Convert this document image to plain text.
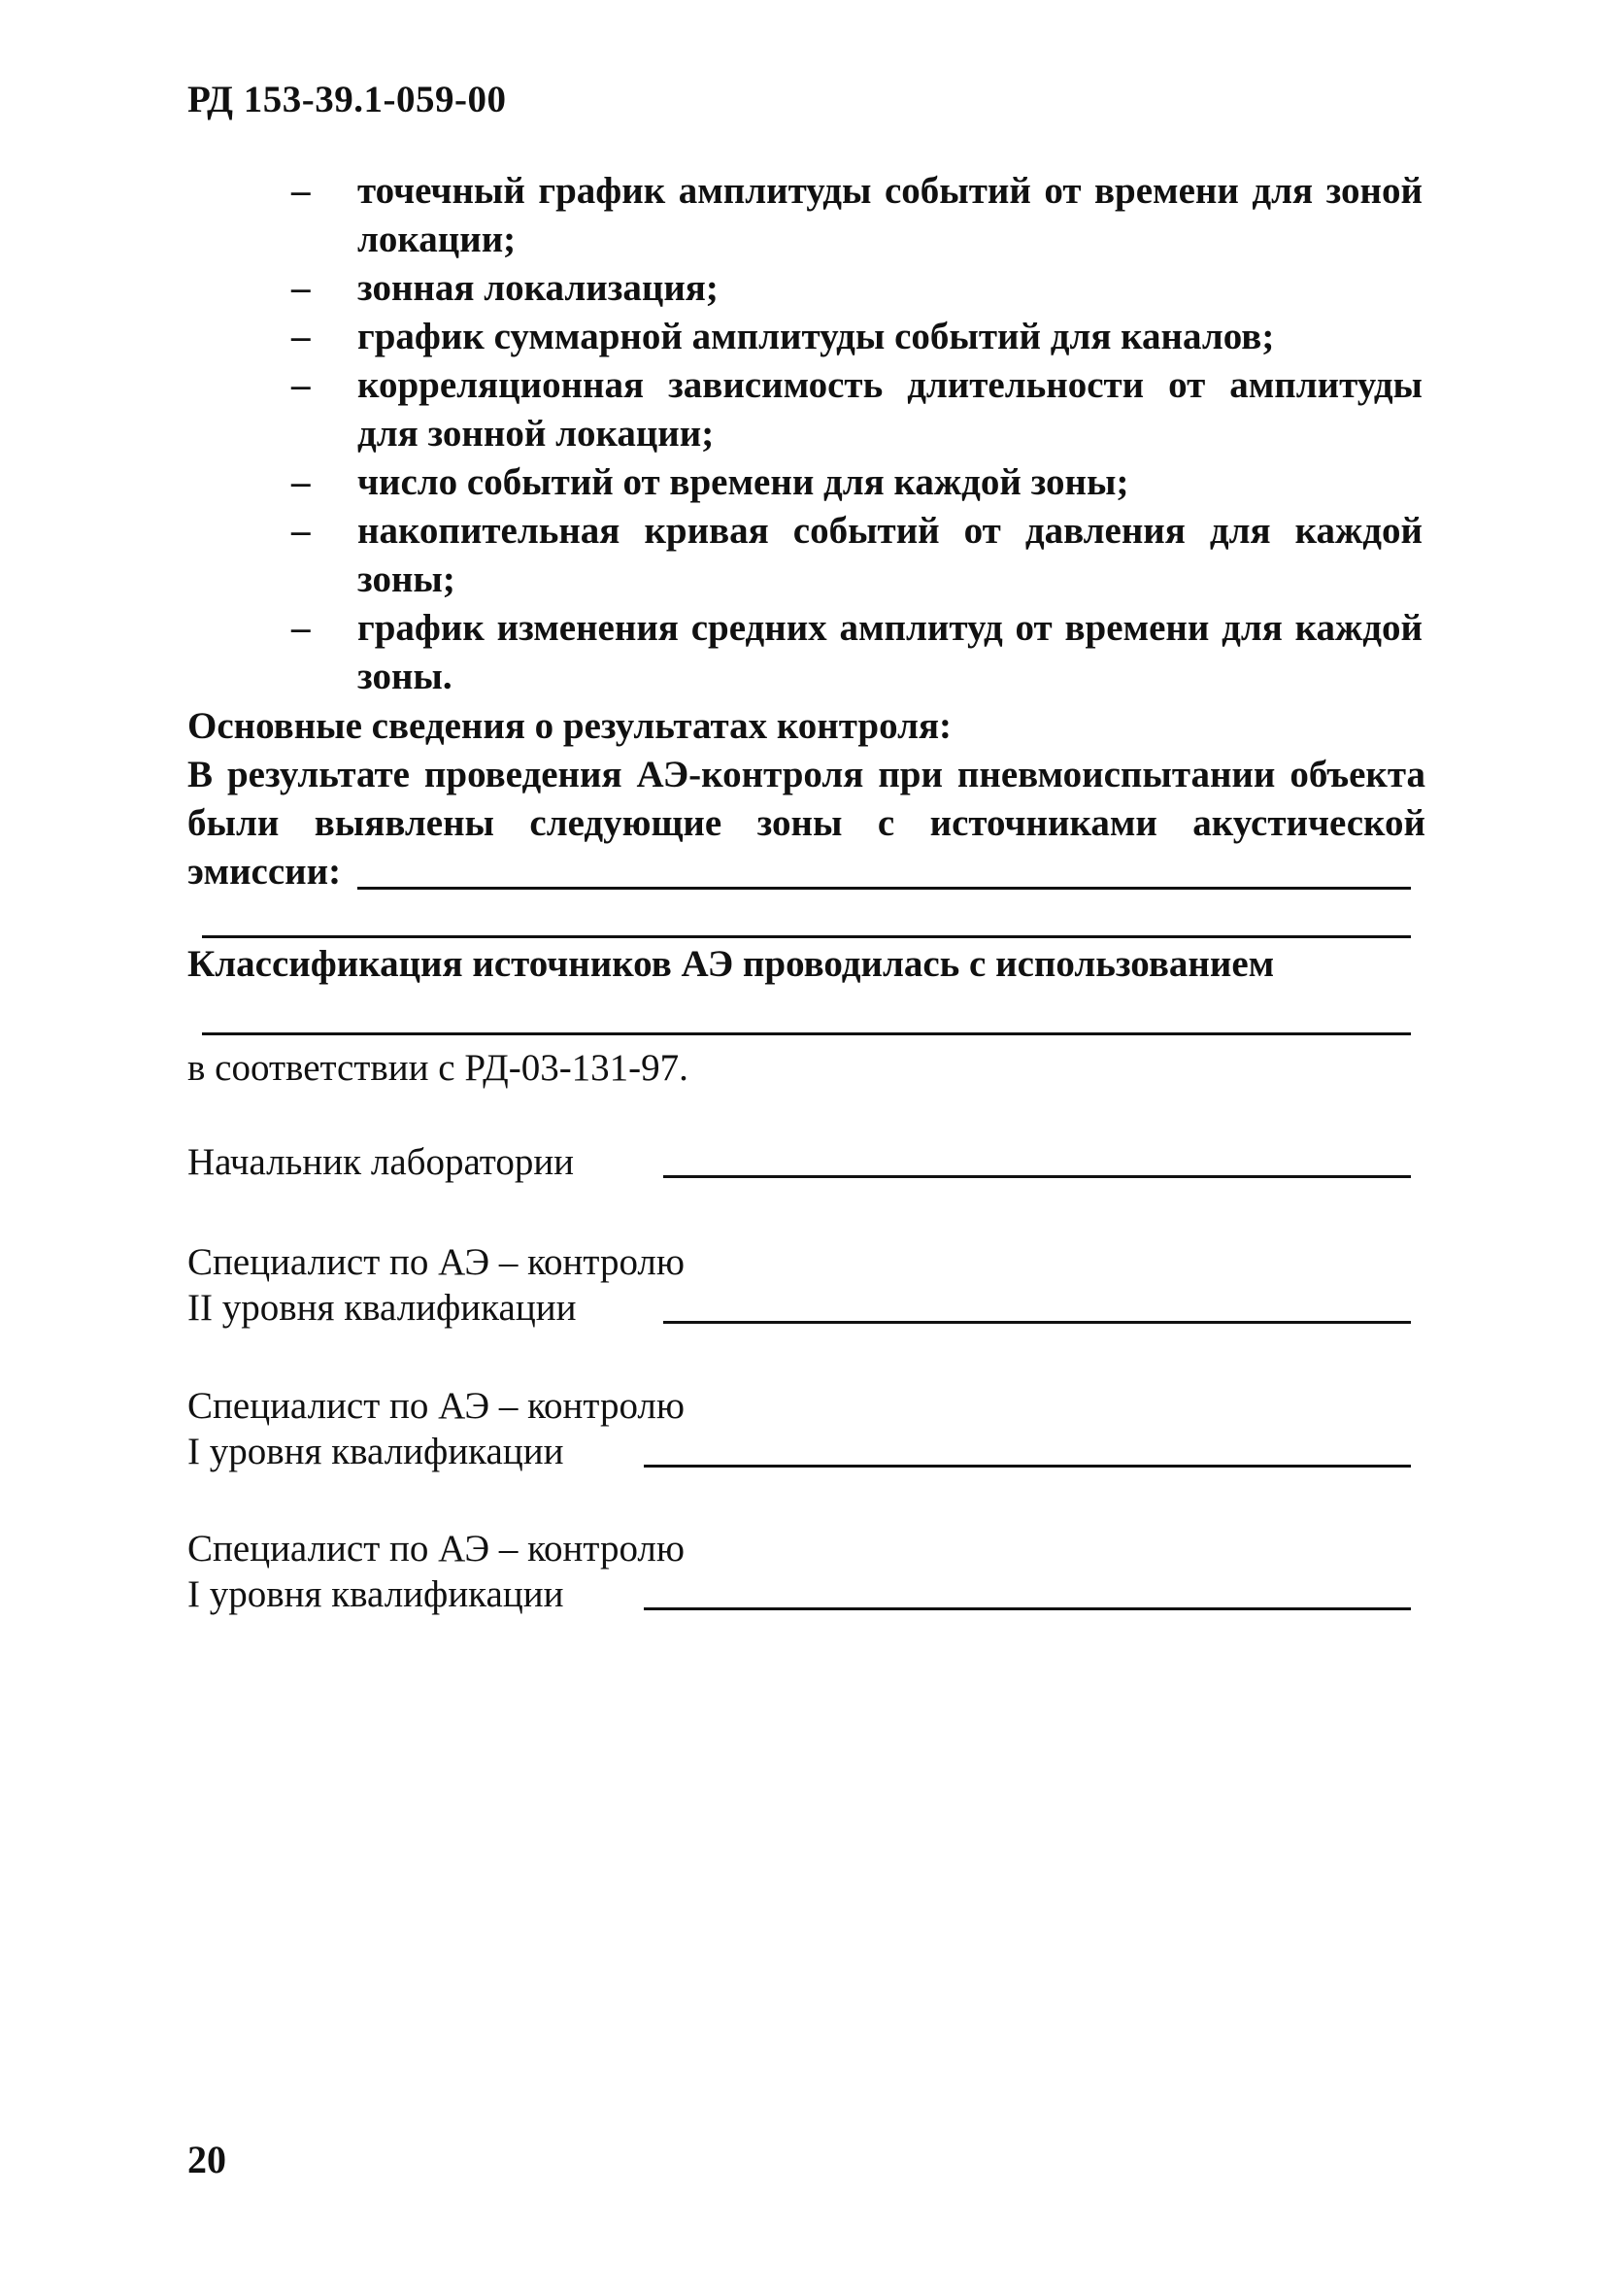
РД 153-39.1-059-00
– точечный график амплитуды событий от времени для зоной локации;
– зонная локализация;
– график суммарной амплитуды событий для каналов;
– корреляционная зависимость длительности от амплитуды для зонной локации;
– число событий от времени для каждой зоны;
– накопительная кривая событий от давления для каждой зоны;
– график изменения средних амплитуд от времени для каждой зоны.
Основные сведения о результатах контроля:
В результате проведения АЭ-контроля при пневмоиспытании объекта
были выявлены следующие зоны с источниками акустической
эмиссии:
Классификация источников АЭ проводилась с использованием
в соответствии с РД-03-131-97.
Начальник лаборатории
Специалист по АЭ – контролю
II уровня квалификации
Специалист по АЭ – контролю
I уровня квалификации
Специалист по АЭ – контролю
I уровня квалификации
20
